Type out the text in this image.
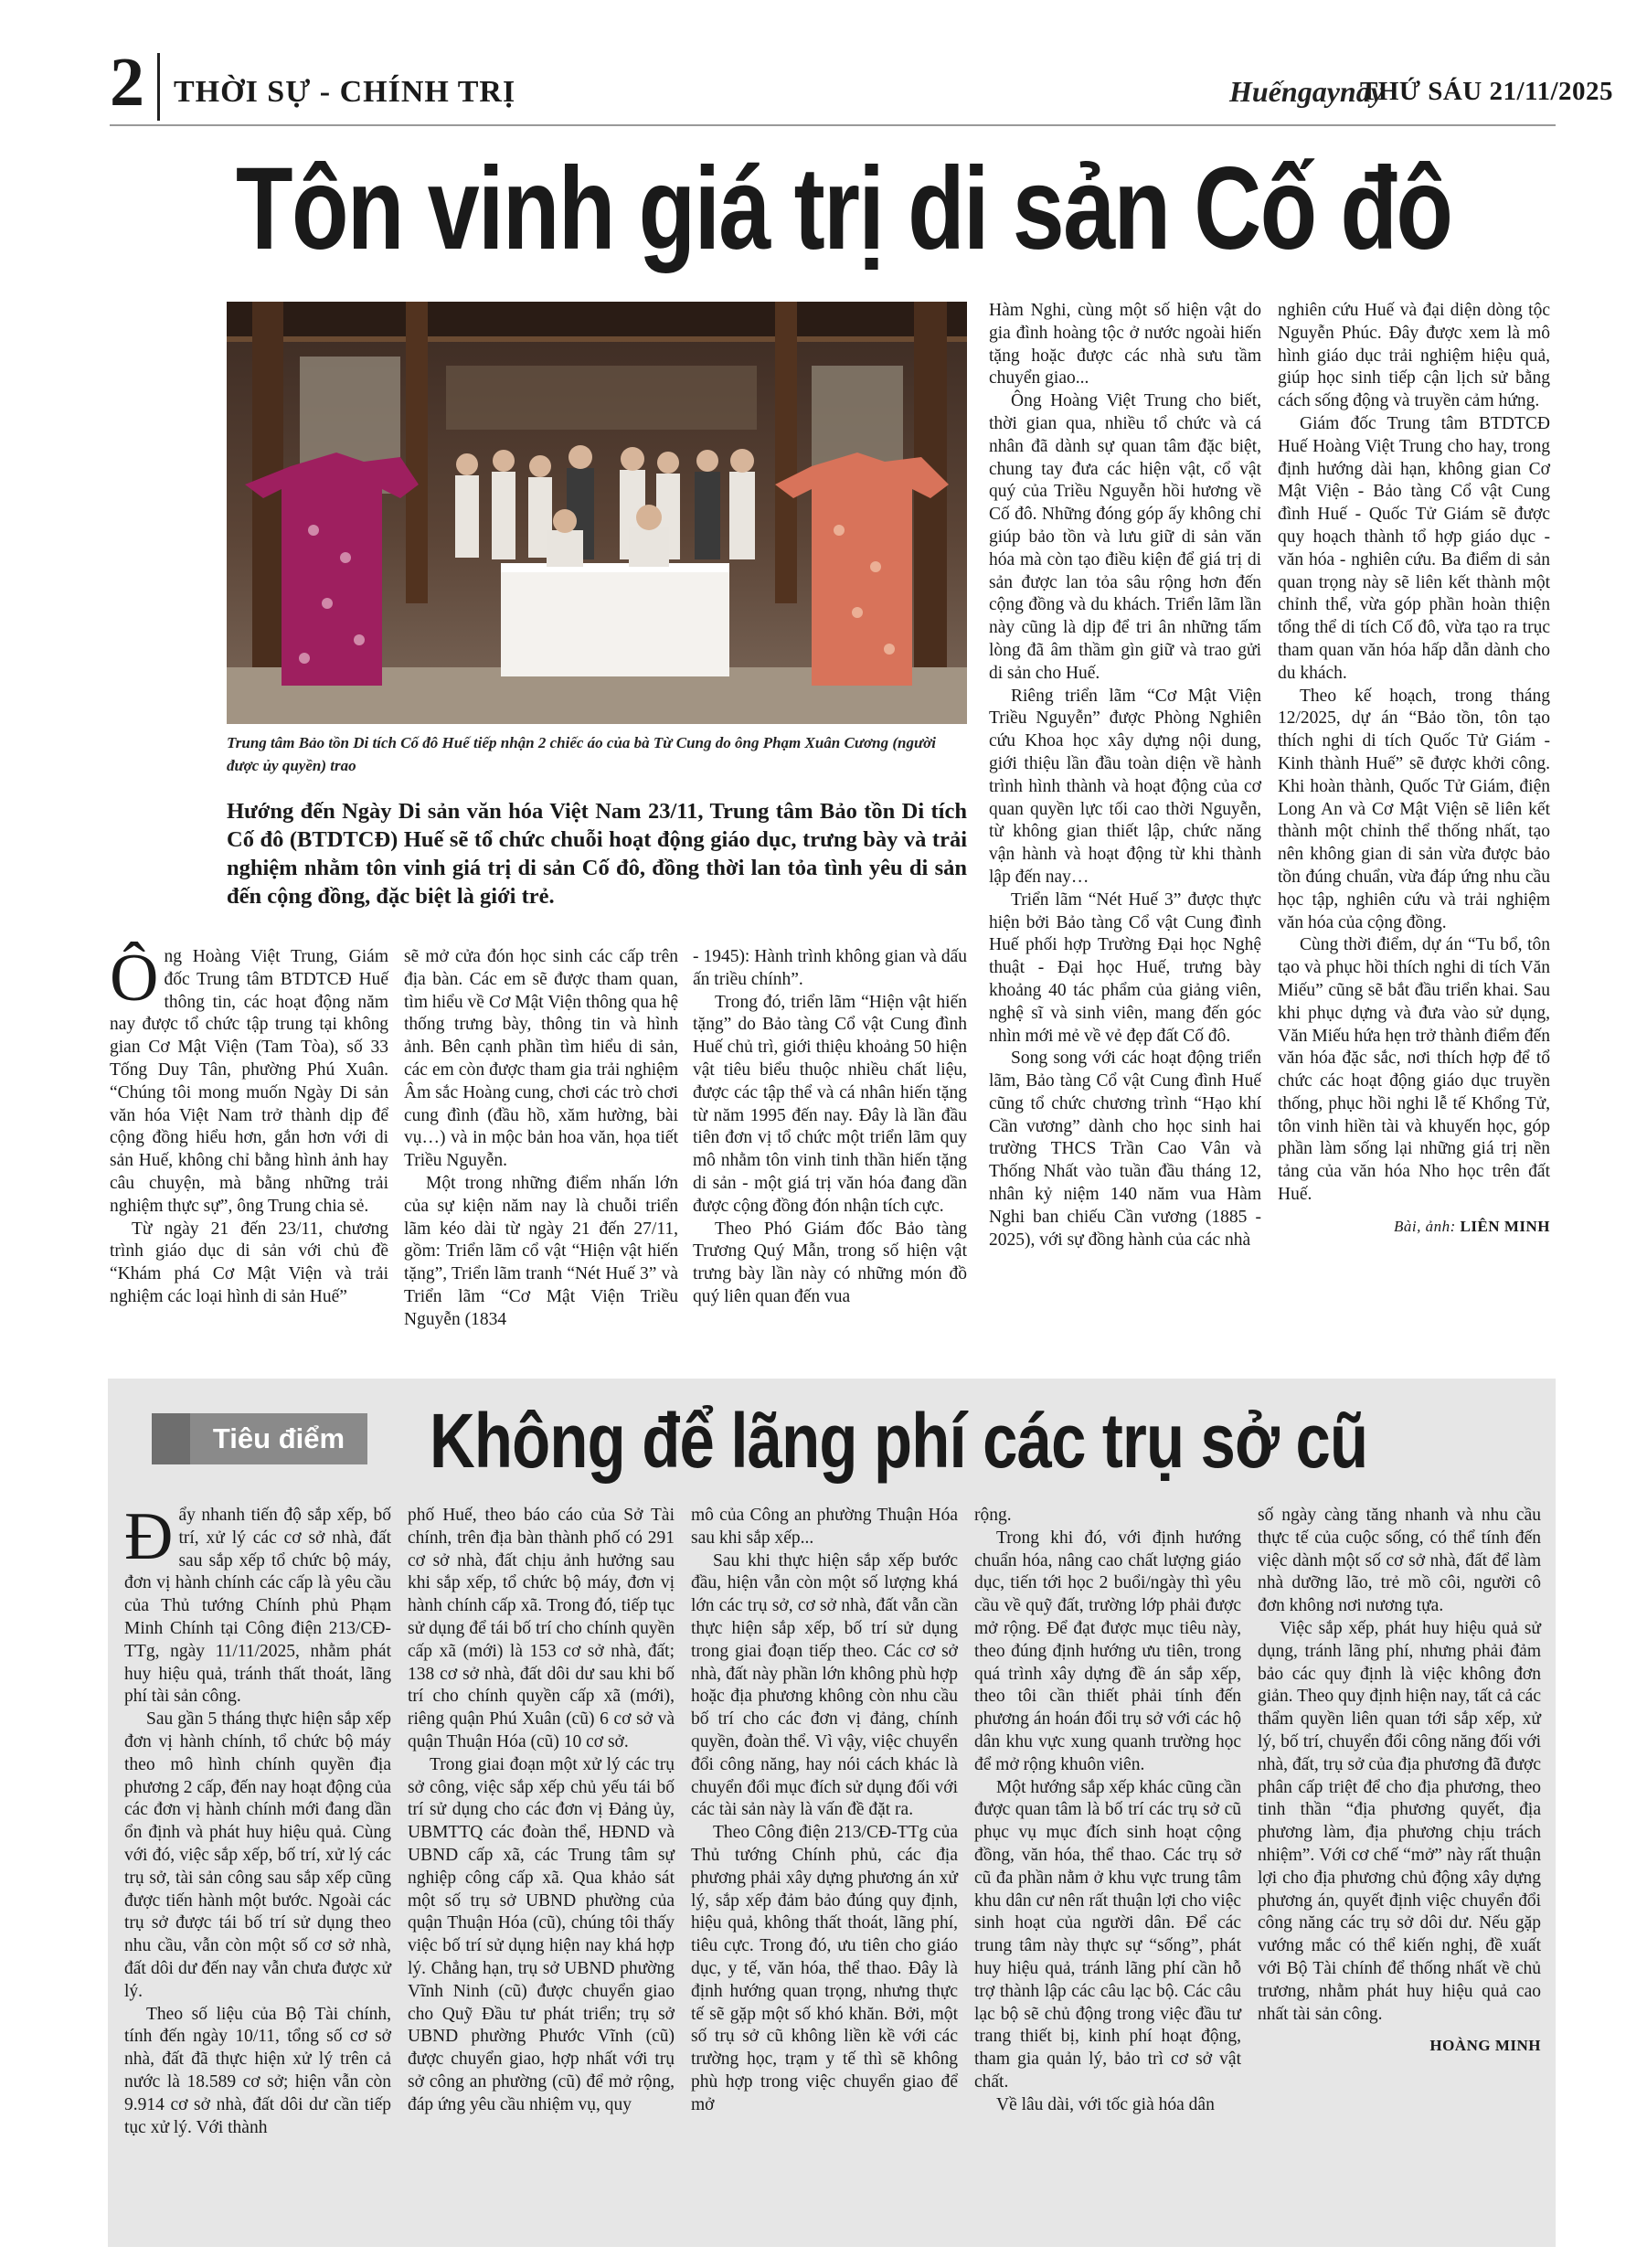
2 THỜI SỰ - CHÍNH TRỊ	Huếngaynay
THỨ SÁU 21/11/2025
Tôn vinh giá trị di sản Cố đô
Trung tâm Bảo tồn Di tích Cố đô Huế tiếp nhận 2 chiếc áo của bà Từ Cung do ông Phạm Xuân Cương (người được ủy quyền) trao
Hướng đến Ngày Di sản văn hóa Việt Nam 23/11, Trung tâm Bảo tồn Di tích Cố đô (BTDTCĐ) Huế sẽ tổ chức chuỗi hoạt động giáo dục, trưng bày và trải nghiệm nhằm tôn vinh giá trị di sản Cố đô, đồng thời lan tỏa tình yêu di sản đến cộng đồng, đặc biệt là giới trẻ.

Ông Hoàng Việt Trung, Giám đốc Trung tâm BTDTCĐ Huế thông tin, các hoạt động năm nay được tổ chức tập trung tại không gian Cơ Mật Viện (Tam Tòa), số 33 Tống Duy Tân, phường Phú Xuân. “Chúng tôi mong muốn Ngày Di sản văn hóa Việt Nam trở thành dịp để cộng đồng hiểu hơn, gắn hơn với di sản Huế, không chỉ bằng hình ảnh hay câu chuyện, mà bằng những trải nghiệm thực sự”, ông Trung chia sẻ.

Từ ngày 21 đến 23/11, chương trình giáo dục di sản với chủ đề “Khám phá Cơ Mật Viện và trải nghiệm các loại hình di sản Huế”

sẽ mở cửa đón học sinh các cấp trên địa bàn. Các em sẽ được tham quan, tìm hiểu về Cơ Mật Viện thông qua hệ thống trưng bày, thông tin và hình ảnh. Bên cạnh phần tìm hiểu di sản, các em còn được tham gia trải nghiệm Âm sắc Hoàng cung, chơi các trò chơi cung đình (đầu hồ, xăm hường, bài vụ…) và in mộc bản hoa văn, họa tiết Triều Nguyễn.

Một trong những điểm nhấn lớn của sự kiện năm nay là chuỗi triển lãm kéo dài từ ngày 21 đến 27/11, gồm: Triển lãm cổ vật “Hiện vật hiến tặng”, Triển lãm tranh “Nét Huế 3” và Triển lãm “Cơ Mật Viện Triều Nguyễn (1834

- 1945): Hành trình không gian và dấu ấn triều chính”.

Trong đó, triển lãm “Hiện vật hiến tặng” do Bảo tàng Cổ vật Cung đình Huế chủ trì, giới thiệu khoảng 50 hiện vật tiêu biểu thuộc nhiều chất liệu, được các tập thể và cá nhân hiến tặng từ năm 1995 đến nay. Đây là lần đầu tiên đơn vị tổ chức một triển lãm quy mô nhằm tôn vinh tinh thần hiến tặng di sản - một giá trị văn hóa đang dần được cộng đồng đón nhận tích cực.

Theo Phó Giám đốc Bảo tàng Trương Quý Mẫn, trong số hiện vật trưng bày lần này có những món đồ quý liên quan đến vua

Hàm Nghi, cùng một số hiện vật do gia đình hoàng tộc ở nước ngoài hiến tặng hoặc được các nhà sưu tầm chuyển giao...

Ông Hoàng Việt Trung cho biết, thời gian qua, nhiều tổ chức và cá nhân đã dành sự quan tâm đặc biệt, chung tay đưa các hiện vật, cổ vật quý của Triều Nguyễn hồi hương về Cố đô. Những đóng góp ấy không chỉ giúp bảo tồn và lưu giữ di sản văn hóa mà còn tạo điều kiện để giá trị di sản được lan tỏa sâu rộng hơn đến cộng đồng và du khách. Triển lãm lần này cũng là dịp để tri ân những tấm lòng đã âm thầm gìn giữ và trao gửi di sản cho Huế.

Riêng triển lãm “Cơ Mật Viện Triều Nguyễn” được Phòng Nghiên cứu Khoa học xây dựng nội dung, giới thiệu lần đầu toàn diện về hành trình hình thành và hoạt động của cơ quan quyền lực tối cao thời Nguyễn, từ không gian thiết lập, chức năng vận hành và hoạt động từ khi thành lập đến nay…

Triển lãm “Nét Huế 3” được thực hiện bởi Bảo tàng Cổ vật Cung đình Huế phối hợp Trường Đại học Nghệ thuật - Đại học Huế, trưng bày khoảng 40 tác phẩm của giảng viên, nghệ sĩ và sinh viên, mang đến góc nhìn mới mẻ về vẻ đẹp đất Cố đô.

Song song với các hoạt động triển lãm, Bảo tàng Cổ vật Cung đình Huế cũng tổ chức chương trình “Hạo khí Cần vương” dành cho học sinh hai trường THCS Trần Cao Vân và Thống Nhất vào tuần đầu tháng 12, nhân kỷ niệm 140 năm vua Hàm Nghi ban chiếu Cần vương (1885 - 2025), với sự đồng hành của các nhà

nghiên cứu Huế và đại diện dòng tộc Nguyễn Phúc. Đây được xem là mô hình giáo dục trải nghiệm hiệu quả, giúp học sinh tiếp cận lịch sử bằng cách sống động và truyền cảm hứng.

Giám đốc Trung tâm BTDTCĐ Huế Hoàng Việt Trung cho hay, trong định hướng dài hạn, không gian Cơ Mật Viện - Bảo tàng Cổ vật Cung đình Huế - Quốc Tử Giám sẽ được quy hoạch thành tổ hợp giáo dục - văn hóa - nghiên cứu. Ba điểm di sản quan trọng này sẽ liên kết thành một chỉnh thể, vừa góp phần hoàn thiện tổng thể di tích Cố đô, vừa tạo ra trục tham quan văn hóa hấp dẫn dành cho du khách.

Theo kế hoạch, trong tháng 12/2025, dự án “Bảo tồn, tôn tạo thích nghi di tích Quốc Tử Giám - Kinh thành Huế” sẽ được khởi công. Khi hoàn thành, Quốc Tử Giám, điện Long An và Cơ Mật Viện sẽ liên kết thành một chỉnh thể thống nhất, tạo nên không gian di sản vừa được bảo tồn đúng chuẩn, vừa đáp ứng nhu cầu học tập, nghiên cứu và trải nghiệm văn hóa của cộng đồng.

Cùng thời điểm, dự án “Tu bổ, tôn tạo và phục hồi thích nghi di tích Văn Miếu” cũng sẽ bắt đầu triển khai. Sau khi phục dựng và đưa vào sử dụng, Văn Miếu hứa hẹn trở thành điểm đến văn hóa đặc sắc, nơi thích hợp để tổ chức các hoạt động giáo dục truyền thống, phục hồi nghi lễ tế Khổng Tử, tôn vinh hiền tài và khuyến học, góp phần làm sống lại những giá trị nền tảng của văn hóa Nho học trên đất Huế.

Bài, ảnh: LIÊN MINH

Tiêu điểm Không để lãng phí các trụ sở cũ

Đẩy nhanh tiến độ sắp xếp, bố trí, xử lý các cơ sở nhà, đất sau sắp xếp tổ chức bộ máy, đơn vị hành chính các cấp là yêu cầu của Thủ tướng Chính phủ Phạm Minh Chính tại Công điện 213/CĐ-TTg, ngày 11/11/2025, nhằm phát huy hiệu quả, tránh thất thoát, lãng phí tài sản công.

Sau gần 5 tháng thực hiện sắp xếp đơn vị hành chính, tổ chức bộ máy theo mô hình chính quyền địa phương 2 cấp, đến nay hoạt động của các đơn vị hành chính mới đang dần ổn định và phát huy hiệu quả. Cùng với đó, việc sắp xếp, bố trí, xử lý các trụ sở, tài sản công sau sắp xếp cũng được tiến hành một bước. Ngoài các trụ sở được tái bố trí sử dụng theo nhu cầu, vẫn còn một số cơ sở nhà, đất dôi dư đến nay vẫn chưa được xử lý.

Theo số liệu của Bộ Tài chính, tính đến ngày 10/11, tổng số cơ sở nhà, đất đã thực hiện xử lý trên cả nước là 18.589 cơ sở; hiện vẫn còn 9.914 cơ sở nhà, đất dôi dư cần tiếp tục xử lý. Với thành

phố Huế, theo báo cáo của Sở Tài chính, trên địa bàn thành phố có 291 cơ sở nhà, đất chịu ảnh hưởng sau khi sắp xếp, tổ chức bộ máy, đơn vị hành chính cấp xã. Trong đó, tiếp tục sử dụng để tái bố trí cho chính quyền cấp xã (mới) là 153 cơ sở nhà, đất; 138 cơ sở nhà, đất dôi dư sau khi bố trí cho chính quyền cấp xã (mới), riêng quận Phú Xuân (cũ) 6 cơ sở và quận Thuận Hóa (cũ) 10 cơ sở.

Trong giai đoạn một xử lý các trụ sở công, việc sắp xếp chủ yếu tái bố trí sử dụng cho các đơn vị Đảng ủy, UBMTTQ các đoàn thể, HĐND và UBND cấp xã, các Trung tâm sự nghiệp công cấp xã. Qua khảo sát một số trụ sở UBND phường của quận Thuận Hóa (cũ), chúng tôi thấy việc bố trí sử dụng hiện nay khá hợp lý. Chẳng hạn, trụ sở UBND phường Vĩnh Ninh (cũ) được chuyển giao cho Quỹ Đầu tư phát triển; trụ sở UBND phường Phước Vĩnh (cũ) được chuyển giao, hợp nhất với trụ sở công an phường (cũ) để mở rộng, đáp ứng yêu cầu nhiệm vụ, quy

mô của Công an phường Thuận Hóa sau khi sắp xếp...

Sau khi thực hiện sắp xếp bước đầu, hiện vẫn còn một số lượng khá lớn các trụ sở, cơ sở nhà, đất vẫn cần thực hiện sắp xếp, bố trí sử dụng trong giai đoạn tiếp theo. Các cơ sở nhà, đất này phần lớn không phù hợp hoặc địa phương không còn nhu cầu bố trí cho các đơn vị đảng, chính quyền, đoàn thể. Vì vậy, việc chuyển đổi công năng, hay nói cách khác là chuyển đổi mục đích sử dụng đối với các tài sản này là vấn đề đặt ra.

Theo Công điện 213/CĐ-TTg của Thủ tướng Chính phủ, các địa phương phải xây dựng phương án xử lý, sắp xếp đảm bảo đúng quy định, hiệu quả, không thất thoát, lãng phí, tiêu cực. Trong đó, ưu tiên cho giáo dục, y tế, văn hóa, thể thao. Đây là định hướng quan trọng, nhưng thực tế sẽ gặp một số khó khăn. Bởi, một số trụ sở cũ không liền kề với các trường học, trạm y tế thì sẽ không phù hợp trong việc chuyển giao để mở

rộng.

Trong khi đó, với định hướng chuẩn hóa, nâng cao chất lượng giáo dục, tiến tới học 2 buổi/ngày thì yêu cầu về quỹ đất, trường lớp phải được mở rộng. Để đạt được mục tiêu này, theo đúng định hướng ưu tiên, trong quá trình xây dựng đề án sắp xếp, theo tôi cần thiết phải tính đến phương án hoán đổi trụ sở với các hộ dân khu vực xung quanh trường học để mở rộng khuôn viên.

Một hướng sắp xếp khác cũng cần được quan tâm là bố trí các trụ sở cũ phục vụ mục đích sinh hoạt cộng đồng, văn hóa, thể thao. Các trụ sở cũ đa phần nằm ở khu vực trung tâm khu dân cư nên rất thuận lợi cho việc sinh hoạt của người dân. Để các trung tâm này thực sự “sống”, phát huy hiệu quả, tránh lãng phí cần hỗ trợ thành lập các câu lạc bộ. Các câu lạc bộ sẽ chủ động trong việc đầu tư trang thiết bị, kinh phí hoạt động, tham gia quản lý, bảo trì cơ sở vật chất.

Về lâu dài, với tốc già hóa dân

số ngày càng tăng nhanh và nhu cầu thực tế của cuộc sống, có thể tính đến việc dành một số cơ sở nhà, đất để làm nhà dưỡng lão, trẻ mồ côi, người cô đơn không nơi nương tựa.

Việc sắp xếp, phát huy hiệu quả sử dụng, tránh lãng phí, nhưng phải đảm bảo các quy định là việc không đơn giản. Theo quy định hiện nay, tất cả các thẩm quyền liên quan tới sắp xếp, xử lý, bố trí, chuyển đổi công năng đối với nhà, đất, trụ sở của địa phương đã được phân cấp triệt để cho địa phương, theo tinh thần “địa phương quyết, địa phương làm, địa phương chịu trách nhiệm”. Với cơ chế “mở” này rất thuận lợi cho địa phương chủ động xây dựng phương án, quyết định việc chuyển đổi công năng các trụ sở dôi dư. Nếu gặp vướng mắc có thể kiến nghị, đề xuất với Bộ Tài chính để thống nhất về chủ trương, nhằm phát huy hiệu quả cao nhất tài sản công.

HOÀNG MINH
